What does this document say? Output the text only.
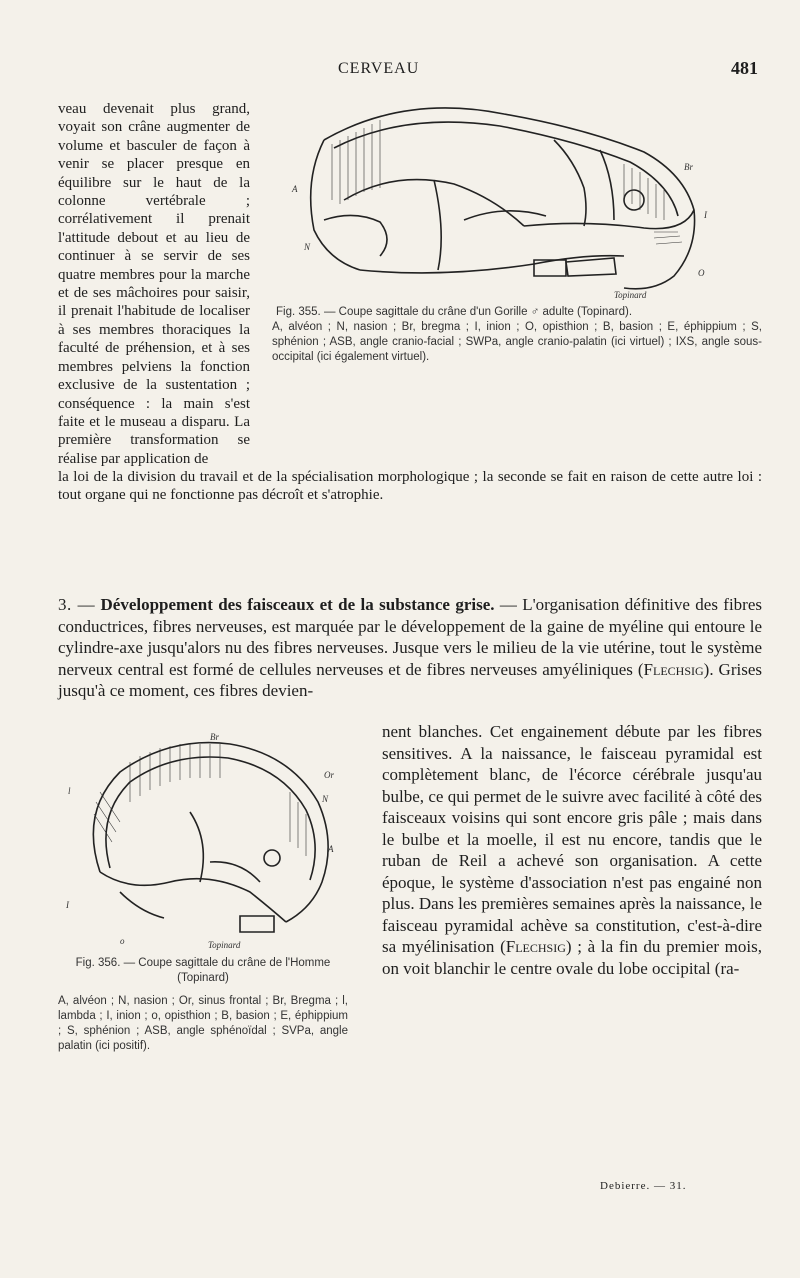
CERVEAU	481
veau devenait plus grand, voyait son crâne augmenter de volume et basculer de façon à venir se placer presque en équilibre sur le haut de la colonne vertébrale ; corrélativement il prenait l'attitude debout et au lieu de continuer à se servir de ses quatre membres pour la marche et de ses mâchoires pour saisir, il prenait l'habitude de localiser à ses membres thoraciques la faculté de préhension, et à ses membres pelviens la fonction exclusive de la sustentation ; conséquence : la main s'est faite et le museau a disparu. La première transformation se réalise par application de
A
N
Br
I
O
Topinard
Fig. 355. — Coupe sagittale du crâne d'un Gorille ♂ adulte (Topinard).
A, alvéon ; N, nasion ; Br, bregma ; I, inion ; O, opisthion ; B, basion ; E, éphippium ; S, sphénion ; ASB, angle cranio-facial ; SWPa, angle cranio-palatin (ici virtuel) ; IXS, angle sous-occipital (ici également virtuel).
la loi de la division du travail et de la spécialisation morphologique ; la seconde se fait en raison de cette autre loi : tout organe qui ne fonctionne pas décroît et s'atrophie.
3. — Développement des faisceaux et de la substance grise. — L'organisation définitive des fibres conductrices, fibres nerveuses, est marquée par le développement de la gaine de myéline qui entoure le cylindre-axe jusqu'alors nu des fibres nerveuses. Jusque vers le milieu de la vie utérine, tout le système nerveux central est formé de cellules nerveuses et de fibres nerveuses amyéliniques (Flechsig). Grises jusqu'à ce moment, ces fibres devien-
nent blanches. Cet engainement débute par les fibres sensitives. A la naissance, le faisceau pyramidal est complètement blanc, de l'écorce cérébrale jusqu'au bulbe, ce qui permet de le suivre avec facilité à côté des faisceaux voisins qui sont encore gris pâle ; mais dans le bulbe et la moelle, il est nu encore, tandis que le ruban de Reil a achevé son organisation. A cette époque, le système d'association n'est pas engainé non plus. Dans les premières semaines après la naissance, le faisceau pyramidal achève sa constitution, c'est-à-dire sa myélinisation (Flechsig) ; à la fin du premier mois, on voit blanchir le centre ovale du lobe occipital (ra-
Br
Or
N
A
l
I
o	Topinard
Fig. 356. — Coupe sagittale du crâne de l'Homme (Topinard)
A, alvéon ; N, nasion ; Or, sinus frontal ; Br, Bregma ; l, lambda ; I, inion ; o, opisthion ; B, basion ; E, éphippium ; S, sphénion ; ASB, angle sphénoïdal ; SVPa, angle palatin (ici positif).
Debierre. — 31.
